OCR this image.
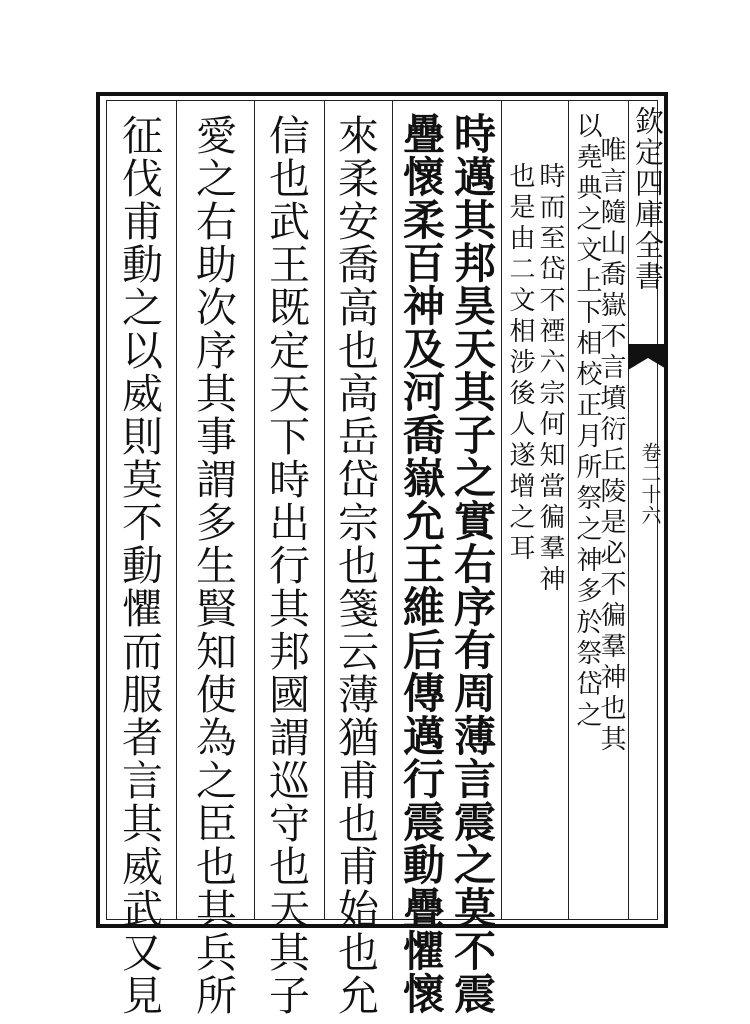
征伐甫動之以威則莫不動懼而服者言其威武又見 愛之右助次序其事謂多生賢知使為之臣也其兵所 信也武王既定天下時出行其邦國謂巡守也天其子 來柔安喬高也高岳岱宗也箋云薄猶甫也甫始也允 疊懷柔百神及河喬嶽允王維后傳邁行震動疊懼懷 時邁其邦昊天其子之實右序有周薄言震之莫不震 也是由二文相涉後人遂增之耳 時而至岱不禋六宗何知當徧羣神 以堯典之文上下相校正月所祭之神多於祭岱之
唯言隨山喬嶽不言墳衍丘陵是必不徧羣神也其 欽定四庫全書
卷二十六
